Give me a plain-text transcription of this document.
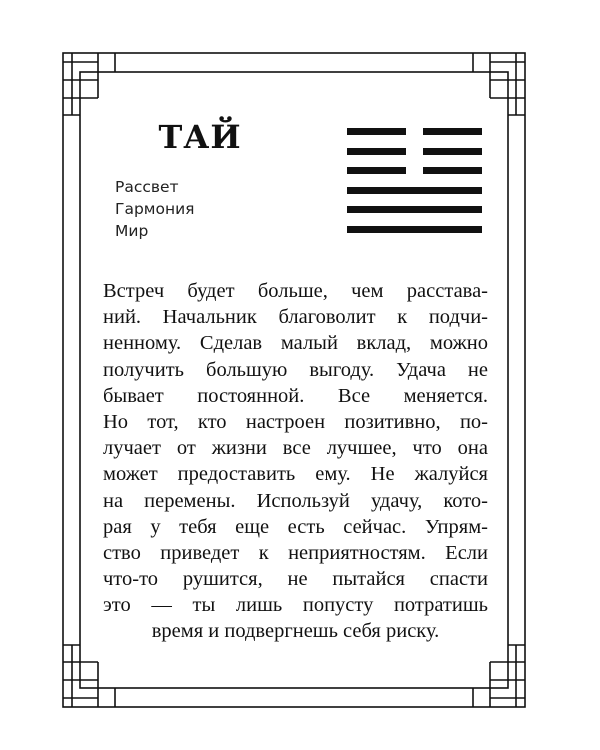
ТАЙ
Рассвет
Гармония
Мир
Встреч будет больше, чем расстава-
ний. Начальник благоволит к подчи-
ненному. Сделав малый вклад, можно
получить большую выгоду. Удача не
бывает постоянной. Все меняется.
Но тот, кто настроен позитивно, по-
лучает от жизни все лучшее, что она
может предоставить ему. Не жалуйся
на перемены. Используй удачу, кото-
рая у тебя еще есть сейчас. Упрям-
ство приведет к неприятностям. Если
что-то рушится, не пытайся спасти
это — ты лишь попусту потратишь
время и подвергнешь себя риску.
